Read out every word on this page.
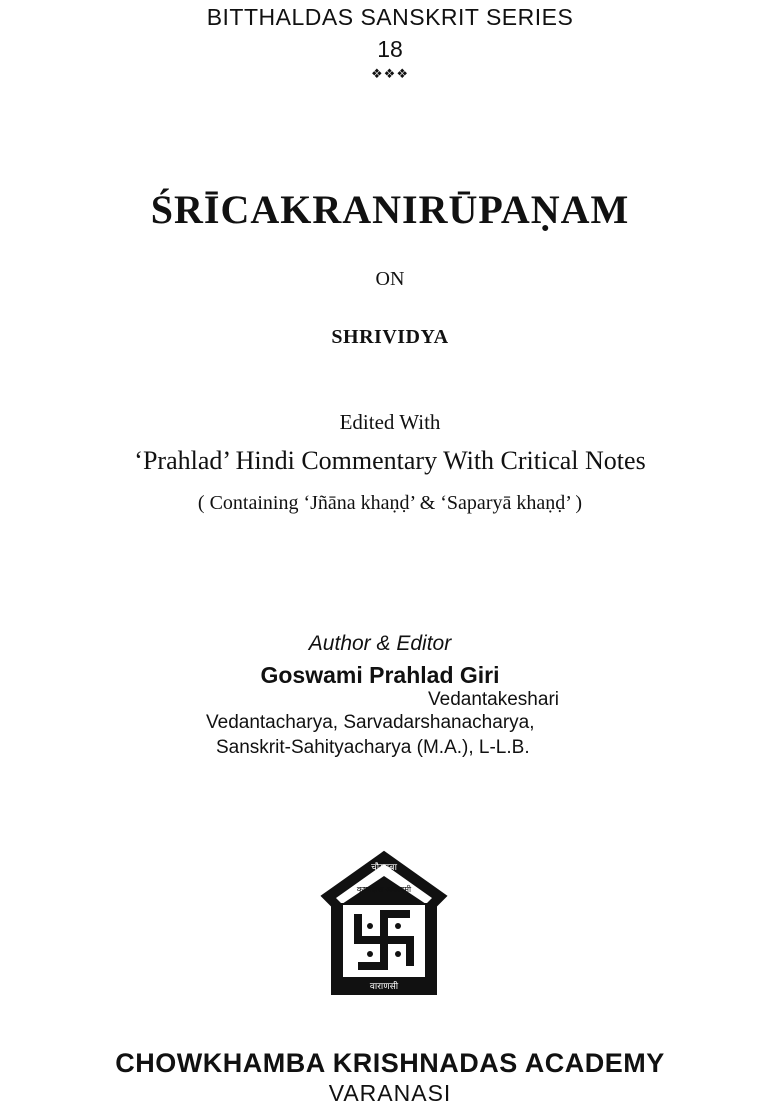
BITTHALDAS SANSKRIT SERIES

18

❖❖❖

ŚRĪCAKRANIRŪPAṆAM

ON

SHRIVIDYA

Edited With

‘Prahlad’ Hindi Commentary With Critical Notes

( Containing ‘Jñāna khaṇḍ’ & ‘Saparyā khaṇḍ’ )

Author & Editor

Goswami Prahlad Giri

Vedantakeshari

Vedantacharya, Sarvadarshanacharya,

Sanskrit-Sahityacharya (M.A.), L-L.B.

चौखम्बा
कृष्णदास अकादमी
वाराणसी

CHOWKHAMBA KRISHNADAS ACADEMY

VARANASI
